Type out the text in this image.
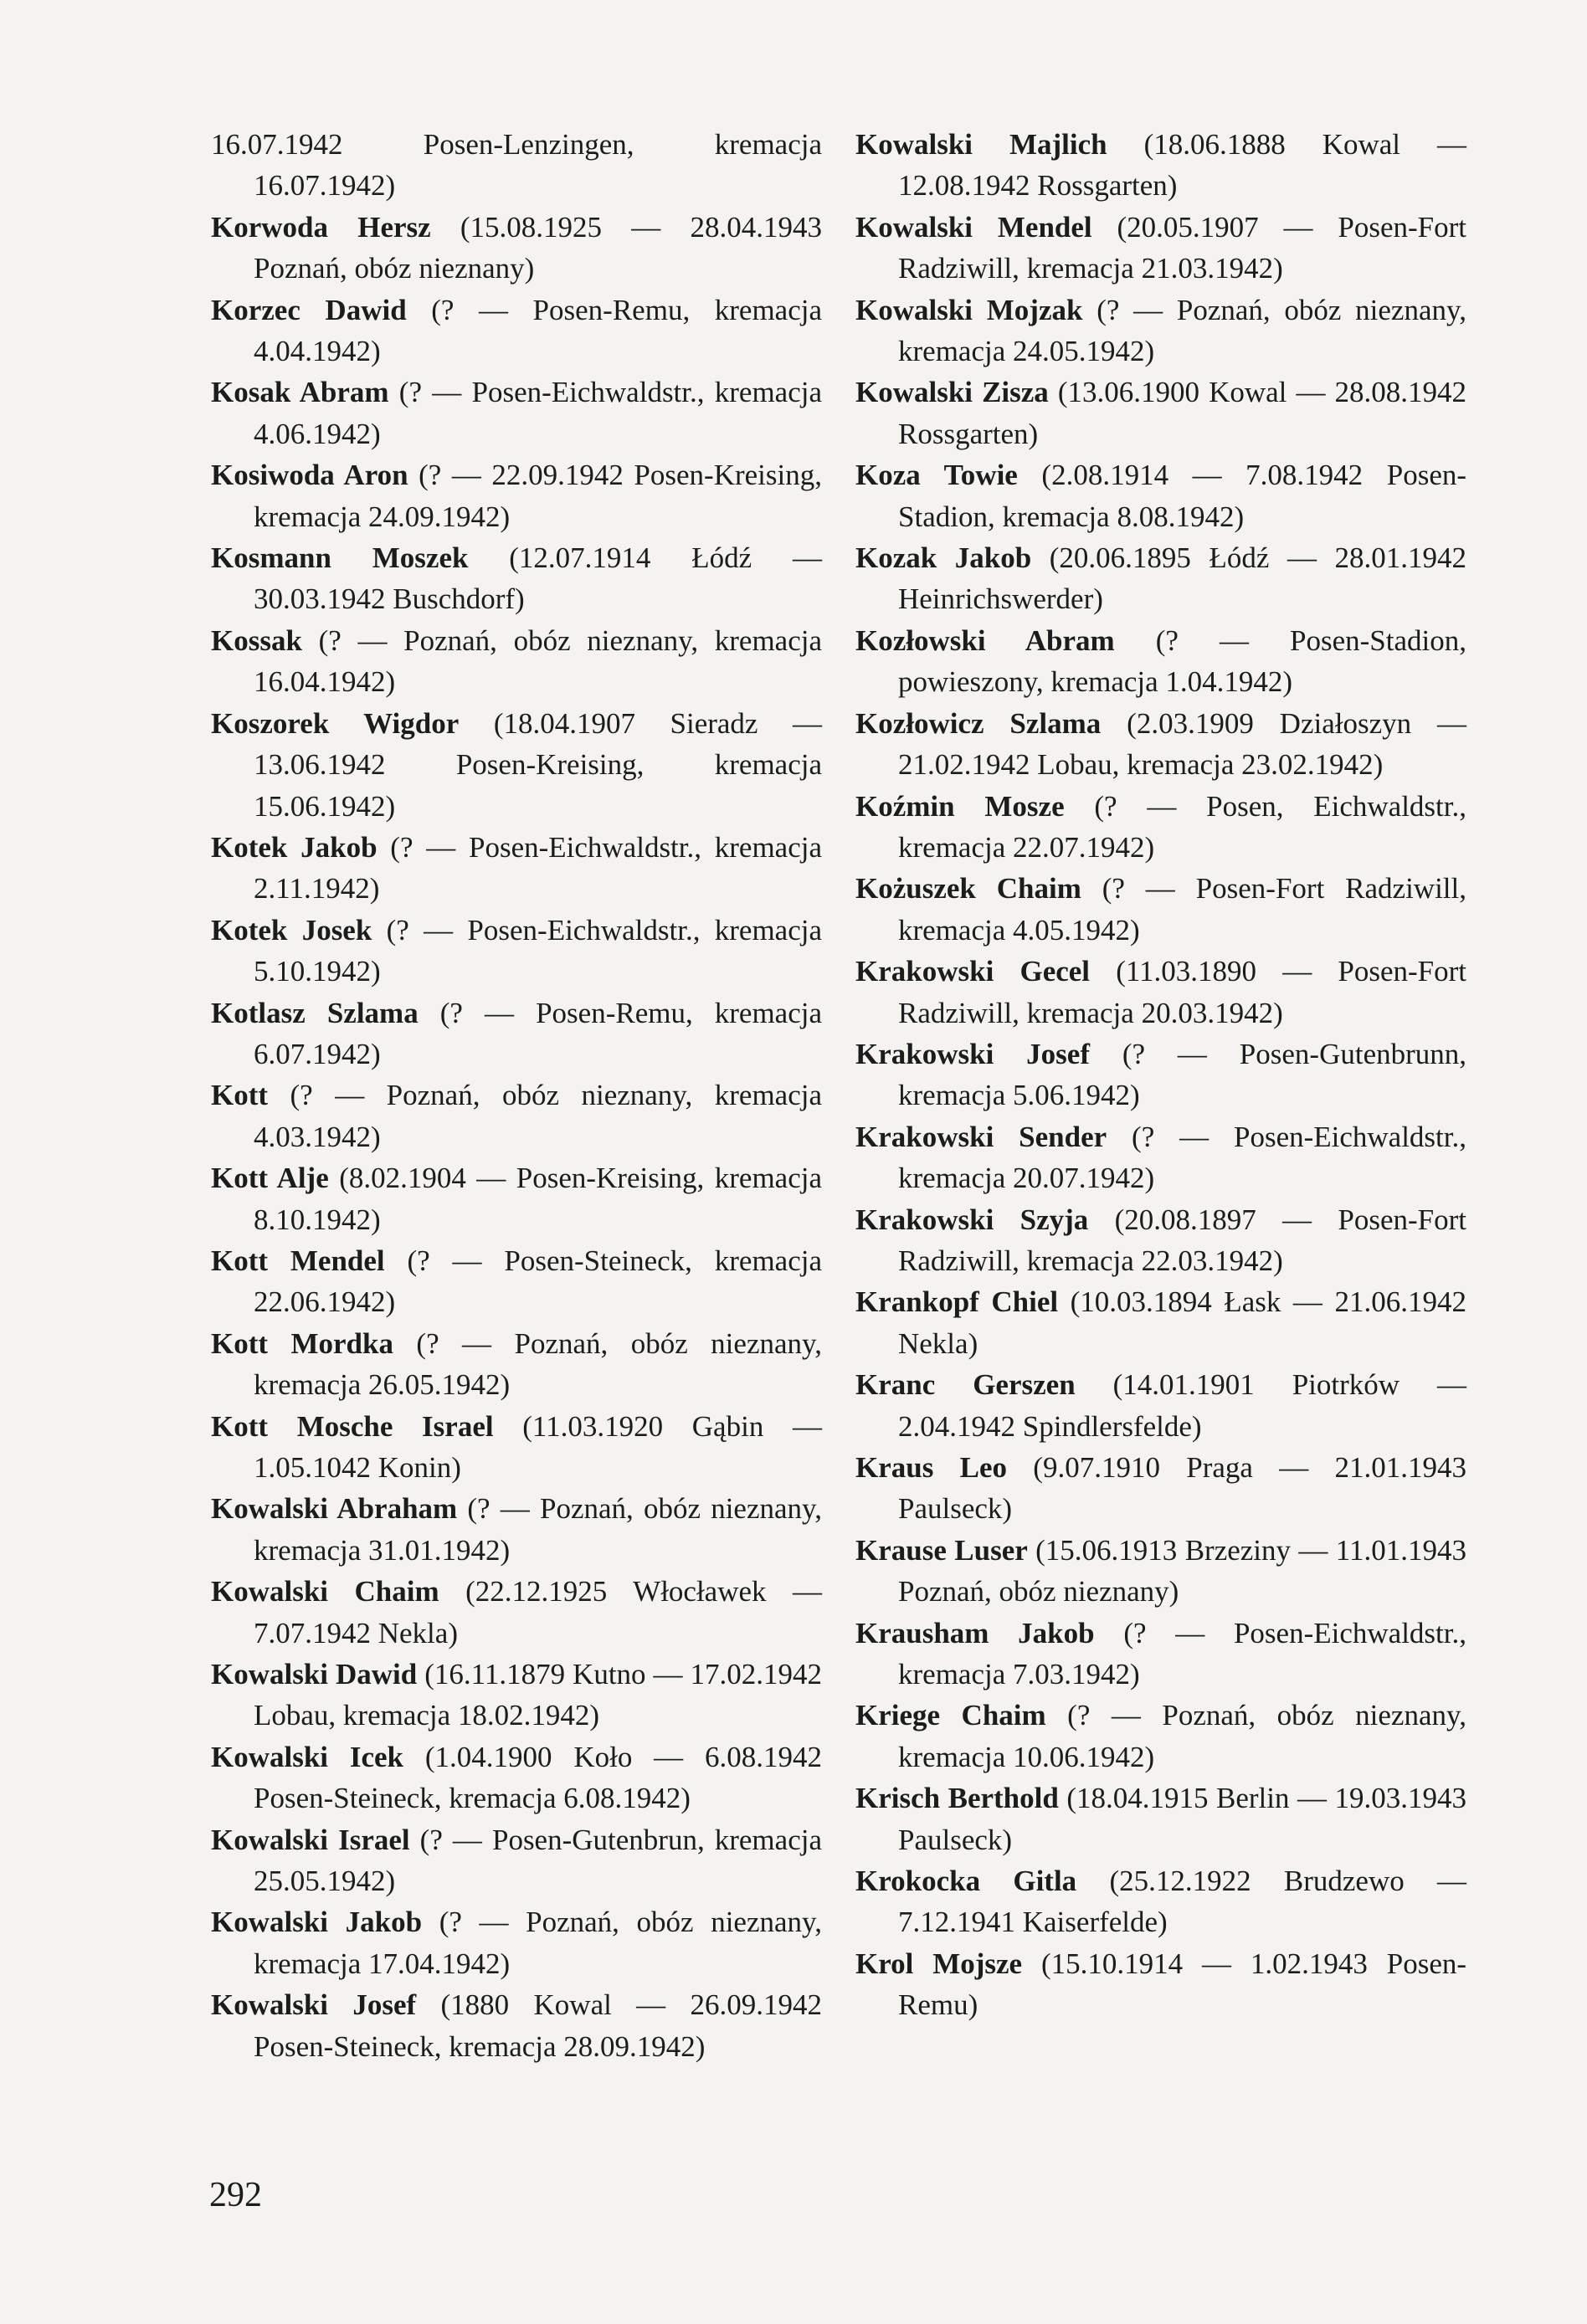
16.07.1942 Posen-Lenzingen, kremacja 16.07.1942)
Korwoda Hersz (15.08.1925 — 28.04.1943 Poznań, obóz nieznany)
Korzec Dawid (? — Posen-Remu, kremacja 4.04.1942)
Kosak Abram (? — Posen-Eichwaldstr., kremacja 4.06.1942)
Kosiwoda Aron (? — 22.09.1942 Posen-Kreising, kremacja 24.09.1942)
Kosmann Moszek (12.07.1914 Łódź — 30.03.1942 Buschdorf)
Kossak (? — Poznań, obóz nieznany, kremacja 16.04.1942)
Koszorek Wigdor (18.04.1907 Sieradz — 13.06.1942 Posen-Kreising, kremacja 15.06.1942)
Kotek Jakob (? — Posen-Eichwaldstr., kremacja 2.11.1942)
Kotek Josek (? — Posen-Eichwaldstr., kremacja 5.10.1942)
Kotlasz Szlama (? — Posen-Remu, kremacja 6.07.1942)
Kott (? — Poznań, obóz nieznany, kremacja 4.03.1942)
Kott Alje (8.02.1904 — Posen-Kreising, kremacja 8.10.1942)
Kott Mendel (? — Posen-Steineck, kremacja 22.06.1942)
Kott Mordka (? — Poznań, obóz nieznany, kremacja 26.05.1942)
Kott Mosche Israel (11.03.1920 Gąbin — 1.05.1042 Konin)
Kowalski Abraham (? — Poznań, obóz nieznany, kremacja 31.01.1942)
Kowalski Chaim (22.12.1925 Włocławek — 7.07.1942 Nekla)
Kowalski Dawid (16.11.1879 Kutno — 17.02.1942 Lobau, kremacja 18.02.1942)
Kowalski Icek (1.04.1900 Koło — 6.08.1942 Posen-Steineck, kremacja 6.08.1942)
Kowalski Israel (? — Posen-Gutenbrun, kremacja 25.05.1942)
Kowalski Jakob (? — Poznań, obóz nieznany, kremacja 17.04.1942)
Kowalski Josef (1880 Kowal — 26.09.1942 Posen-Steineck, kremacja 28.09.1942)
Kowalski Majlich (18.06.1888 Kowal — 12.08.1942 Rossgarten)
Kowalski Mendel (20.05.1907 — Posen-Fort Radziwill, kremacja 21.03.1942)
Kowalski Mojzak (? — Poznań, obóz nieznany, kremacja 24.05.1942)
Kowalski Zisza (13.06.1900 Kowal — 28.08.1942 Rossgarten)
Koza Towie (2.08.1914 — 7.08.1942 Posen-Stadion, kremacja 8.08.1942)
Kozak Jakob (20.06.1895 Łódź — 28.01.1942 Heinrichswerder)
Kozłowski Abram (? — Posen-Stadion, powieszony, kremacja 1.04.1942)
Kozłowicz Szlama (2.03.1909 Działoszyn — 21.02.1942 Lobau, kremacja 23.02.1942)
Koźmin Mosze (? — Posen, Eichwaldstr., kremacja 22.07.1942)
Kożuszek Chaim (? — Posen-Fort Radziwill, kremacja 4.05.1942)
Krakowski Gecel (11.03.1890 — Posen-Fort Radziwill, kremacja 20.03.1942)
Krakowski Josef (? — Posen-Gutenbrunn, kremacja 5.06.1942)
Krakowski Sender (? — Posen-Eichwaldstr., kremacja 20.07.1942)
Krakowski Szyja (20.08.1897 — Posen-Fort Radziwill, kremacja 22.03.1942)
Krankopf Chiel (10.03.1894 Łask — 21.06.1942 Nekla)
Kranc Gerszen (14.01.1901 Piotrków — 2.04.1942 Spindlersfelde)
Kraus Leo (9.07.1910 Praga — 21.01.1943 Paulseck)
Krause Luser (15.06.1913 Brzeziny — 11.01.1943 Poznań, obóz nieznany)
Krausham Jakob (? — Posen-Eichwaldstr., kremacja 7.03.1942)
Kriege Chaim (? — Poznań, obóz nieznany, kremacja 10.06.1942)
Krisch Berthold (18.04.1915 Berlin — 19.03.1943 Paulseck)
Krokocka Gitla (25.12.1922 Brudzewo — 7.12.1941 Kaiserfelde)
Krol Mojsze (15.10.1914 — 1.02.1943 Posen-Remu)
292
